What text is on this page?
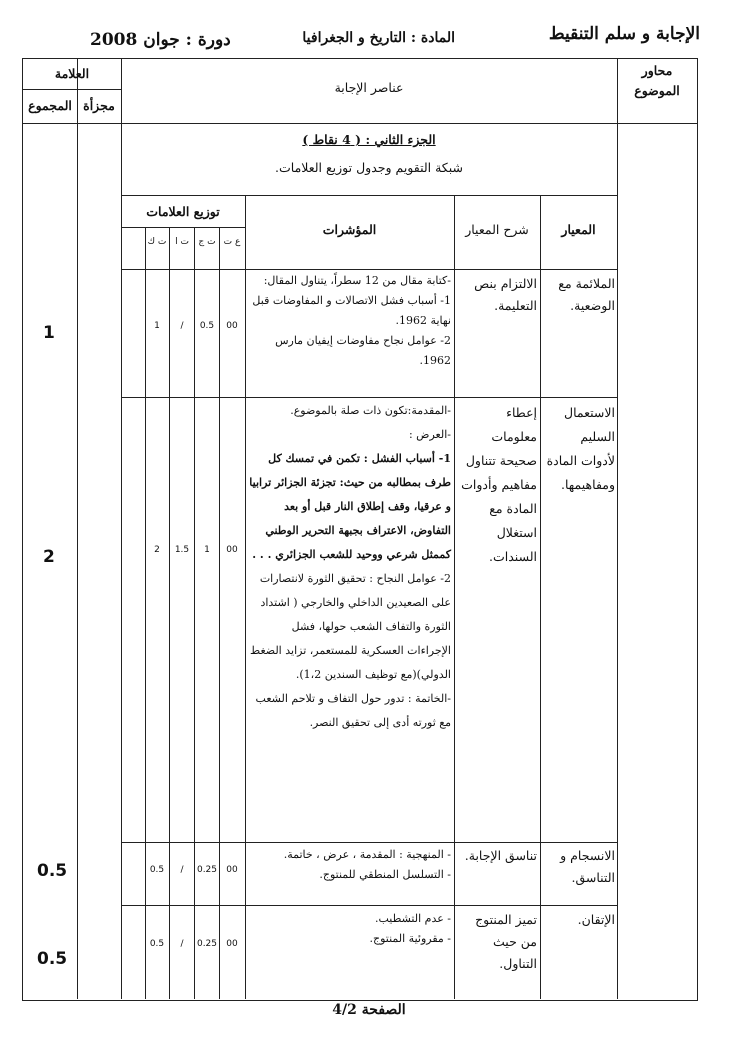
الإجابة و سلم التنقيط
المادة : التاريخ و الجغرافيا
دورة : جوان 2008
محاور الموضوع
عناصر الإجابة
العلامة
مجزأة
المجموع
الجزء الثاني : ( 4 نقاط )
شبكة التقويم وجدول توزيع العلامات.
المعيار
شرح المعيار
المؤشرات
توزيع العلامات
ع ت
ت ج
ت ا
ت ك
الملائمة مع الوضعية.
الالتزام بنص التعليمة.
-كتابة مقال من 12 سطراً، يتناول المقال:
1- أسباب فشل الاتصالات و المفاوضات قبل نهاية 1962.
2- عوامل نجاح مفاوضات إيفيان مارس 1962.
00
0.5
/
1
1
الاستعمال السليم لأدوات المادة ومفاهيمها.
إعطاء معلومات صحيحة تتناول مفاهيم وأدوات المادة مع استغلال السندات.
-المقدمة:تكون ذات صلة بالموضوع.
-العرض :
1- أسباب الفشل : تكمن في تمسك كل طرف بمطالبه من حيث: تجزئة الجزائر ترابيا و عرقيا، وقف إطلاق النار قبل أو بعد التفاوض، الاعتراف بجبهة التحرير الوطني كممثل شرعي ووحيد للشعب الجزائري . . .
2- عوامل النجاح : تحقيق الثورة لانتصارات على الصعيدين الداخلي والخارجي ( اشتداد الثورة والتفاف الشعب حولها، فشل الإجراءات العسكرية للمستعمر، تزايد الضغط الدولي)(مع توظيف السندين 1،2).
-الخاتمة : تدور حول التفاف و تلاحم الشعب مع ثورته أدى إلى تحقيق النصر.
00
1
1.5
2
2
الانسجام و التناسق.
تناسق الإجابة.
- المنهجية : المقدمة ، عرض ، خاتمة.
- التسلسل المنطقي للمنتوج.
00
0.25
/
0.5
0.5
الإتقان.
تميز المنتوج من حيث التناول.
- عدم التشطيب.
- مقروئية المنتوج.
00
0.25
/
0.5
0.5
الصفحة 4/2
